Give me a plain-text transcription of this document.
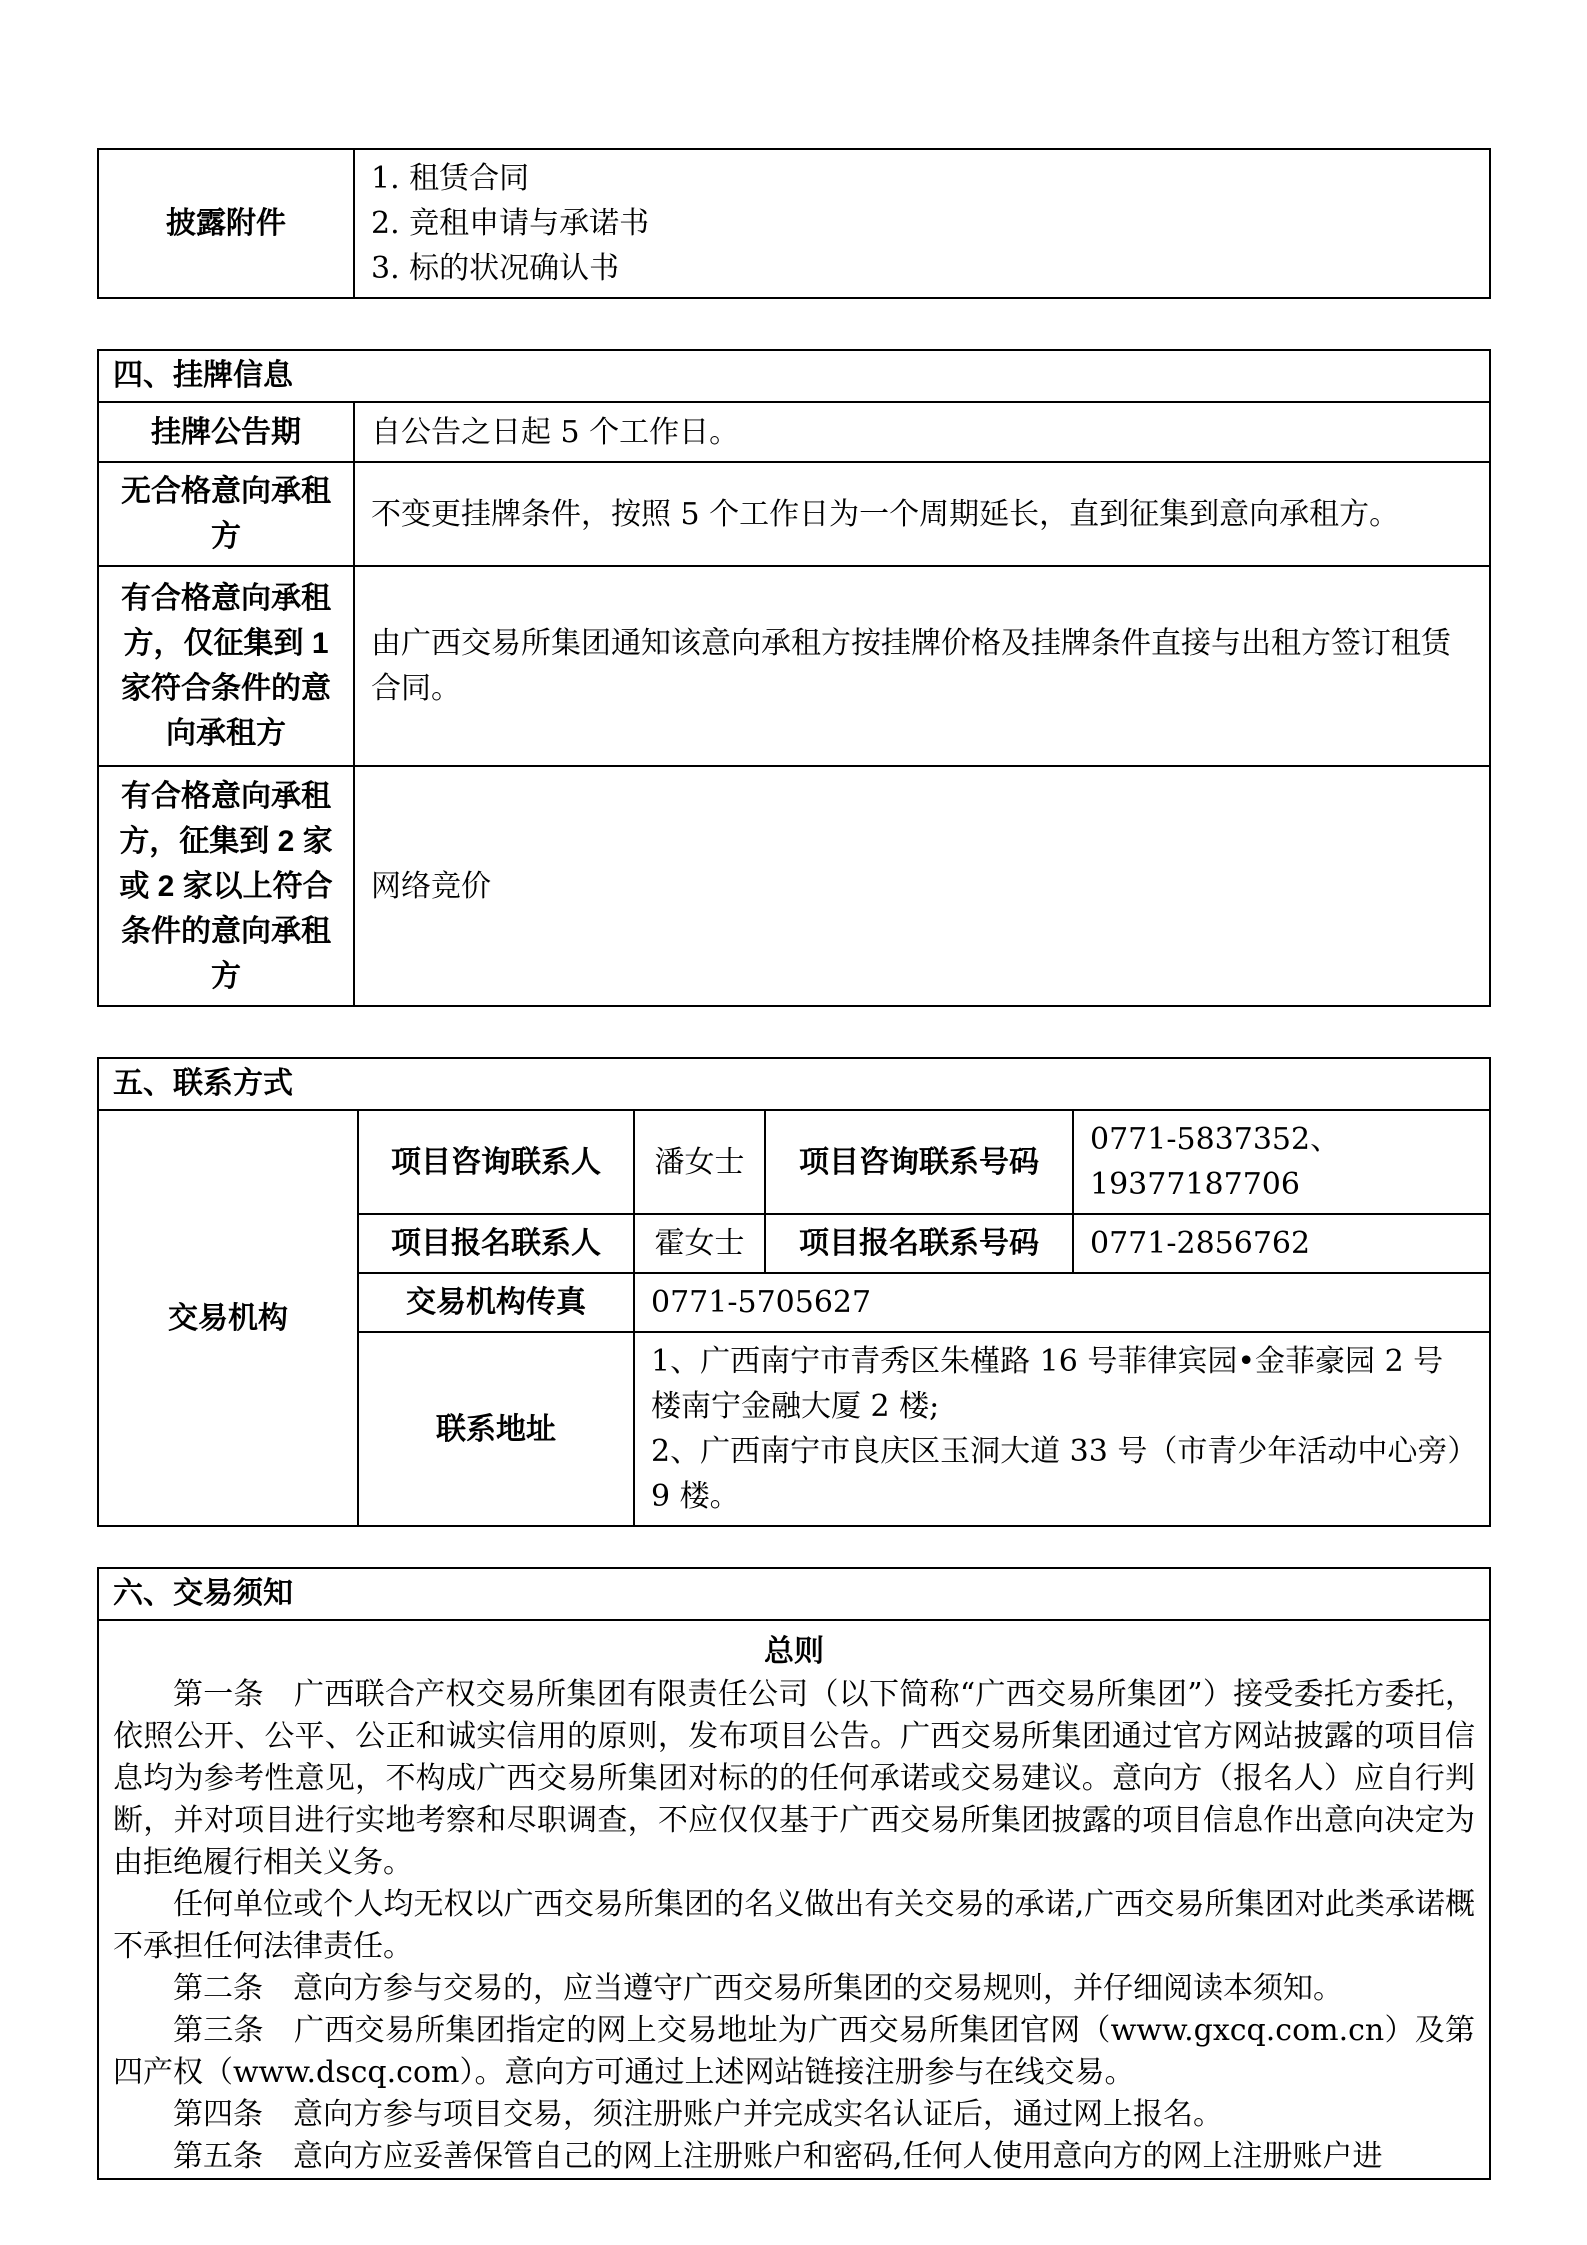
披露附件	
1. 租赁合同
2. 竞租申请与承诺书
3. 标的状况确认书
四、挂牌信息	
挂牌公告期	自公告之日起 5 个工作日。
无合格意向承租方	不变更挂牌条件，按照 5 个工作日为一个周期延长，直到征集到意向承租方。
有合格意向承租方，仅征集到 1 家符合条件的意向承租方	由广西交易所集团通知该意向承租方按挂牌价格及挂牌条件直接与出租方签订租赁合同。
有合格意向承租方，征集到 2 家或 2 家以上符合条件的意向承租方	网络竞价
五、联系方式				
交易机构	项目咨询联系人	潘女士	项目咨询联系号码	0771-5837352、19377187706
	项目报名联系人	霍女士	项目报名联系号码	0771-2856762
	交易机构传真	0771-5705627		
	联系地址	1、广西南宁市青秀区朱槿路 16 号菲律宾园•金菲豪园 2 号楼南宁金融大厦 2 楼;
2、广西南宁市良庆区玉洞大道 33 号（市青少年活动中心旁）9 楼。		
六、交易须知

总则

第一条　广西联合产权交易所集团有限责任公司（以下简称“广西交易所集团”）接受委托方委托，依照公开、公平、公正和诚实信用的原则，发布项目公告。广西交易所集团通过官方网站披露的项目信息均为参考性意见，不构成广西交易所集团对标的的任何承诺或交易建议。意向方（报名人）应自行判断，并对项目进行实地考察和尽职调查，不应仅仅基于广西交易所集团披露的项目信息作出意向决定为由拒绝履行相关义务。

任何单位或个人均无权以广西交易所集团的名义做出有关交易的承诺,广西交易所集团对此类承诺概不承担任何法律责任。

第二条　意向方参与交易的，应当遵守广西交易所集团的交易规则，并仔细阅读本须知。

第三条　广西交易所集团指定的网上交易地址为广西交易所集团官网（www.gxcq.com.cn）及第四产权（www.dscq.com）。意向方可通过上述网站链接注册参与在线交易。

第四条　意向方参与项目交易，须注册账户并完成实名认证后，通过网上报名。

第五条　意向方应妥善保管自己的网上注册账户和密码,任何人使用意向方的网上注册账户进
